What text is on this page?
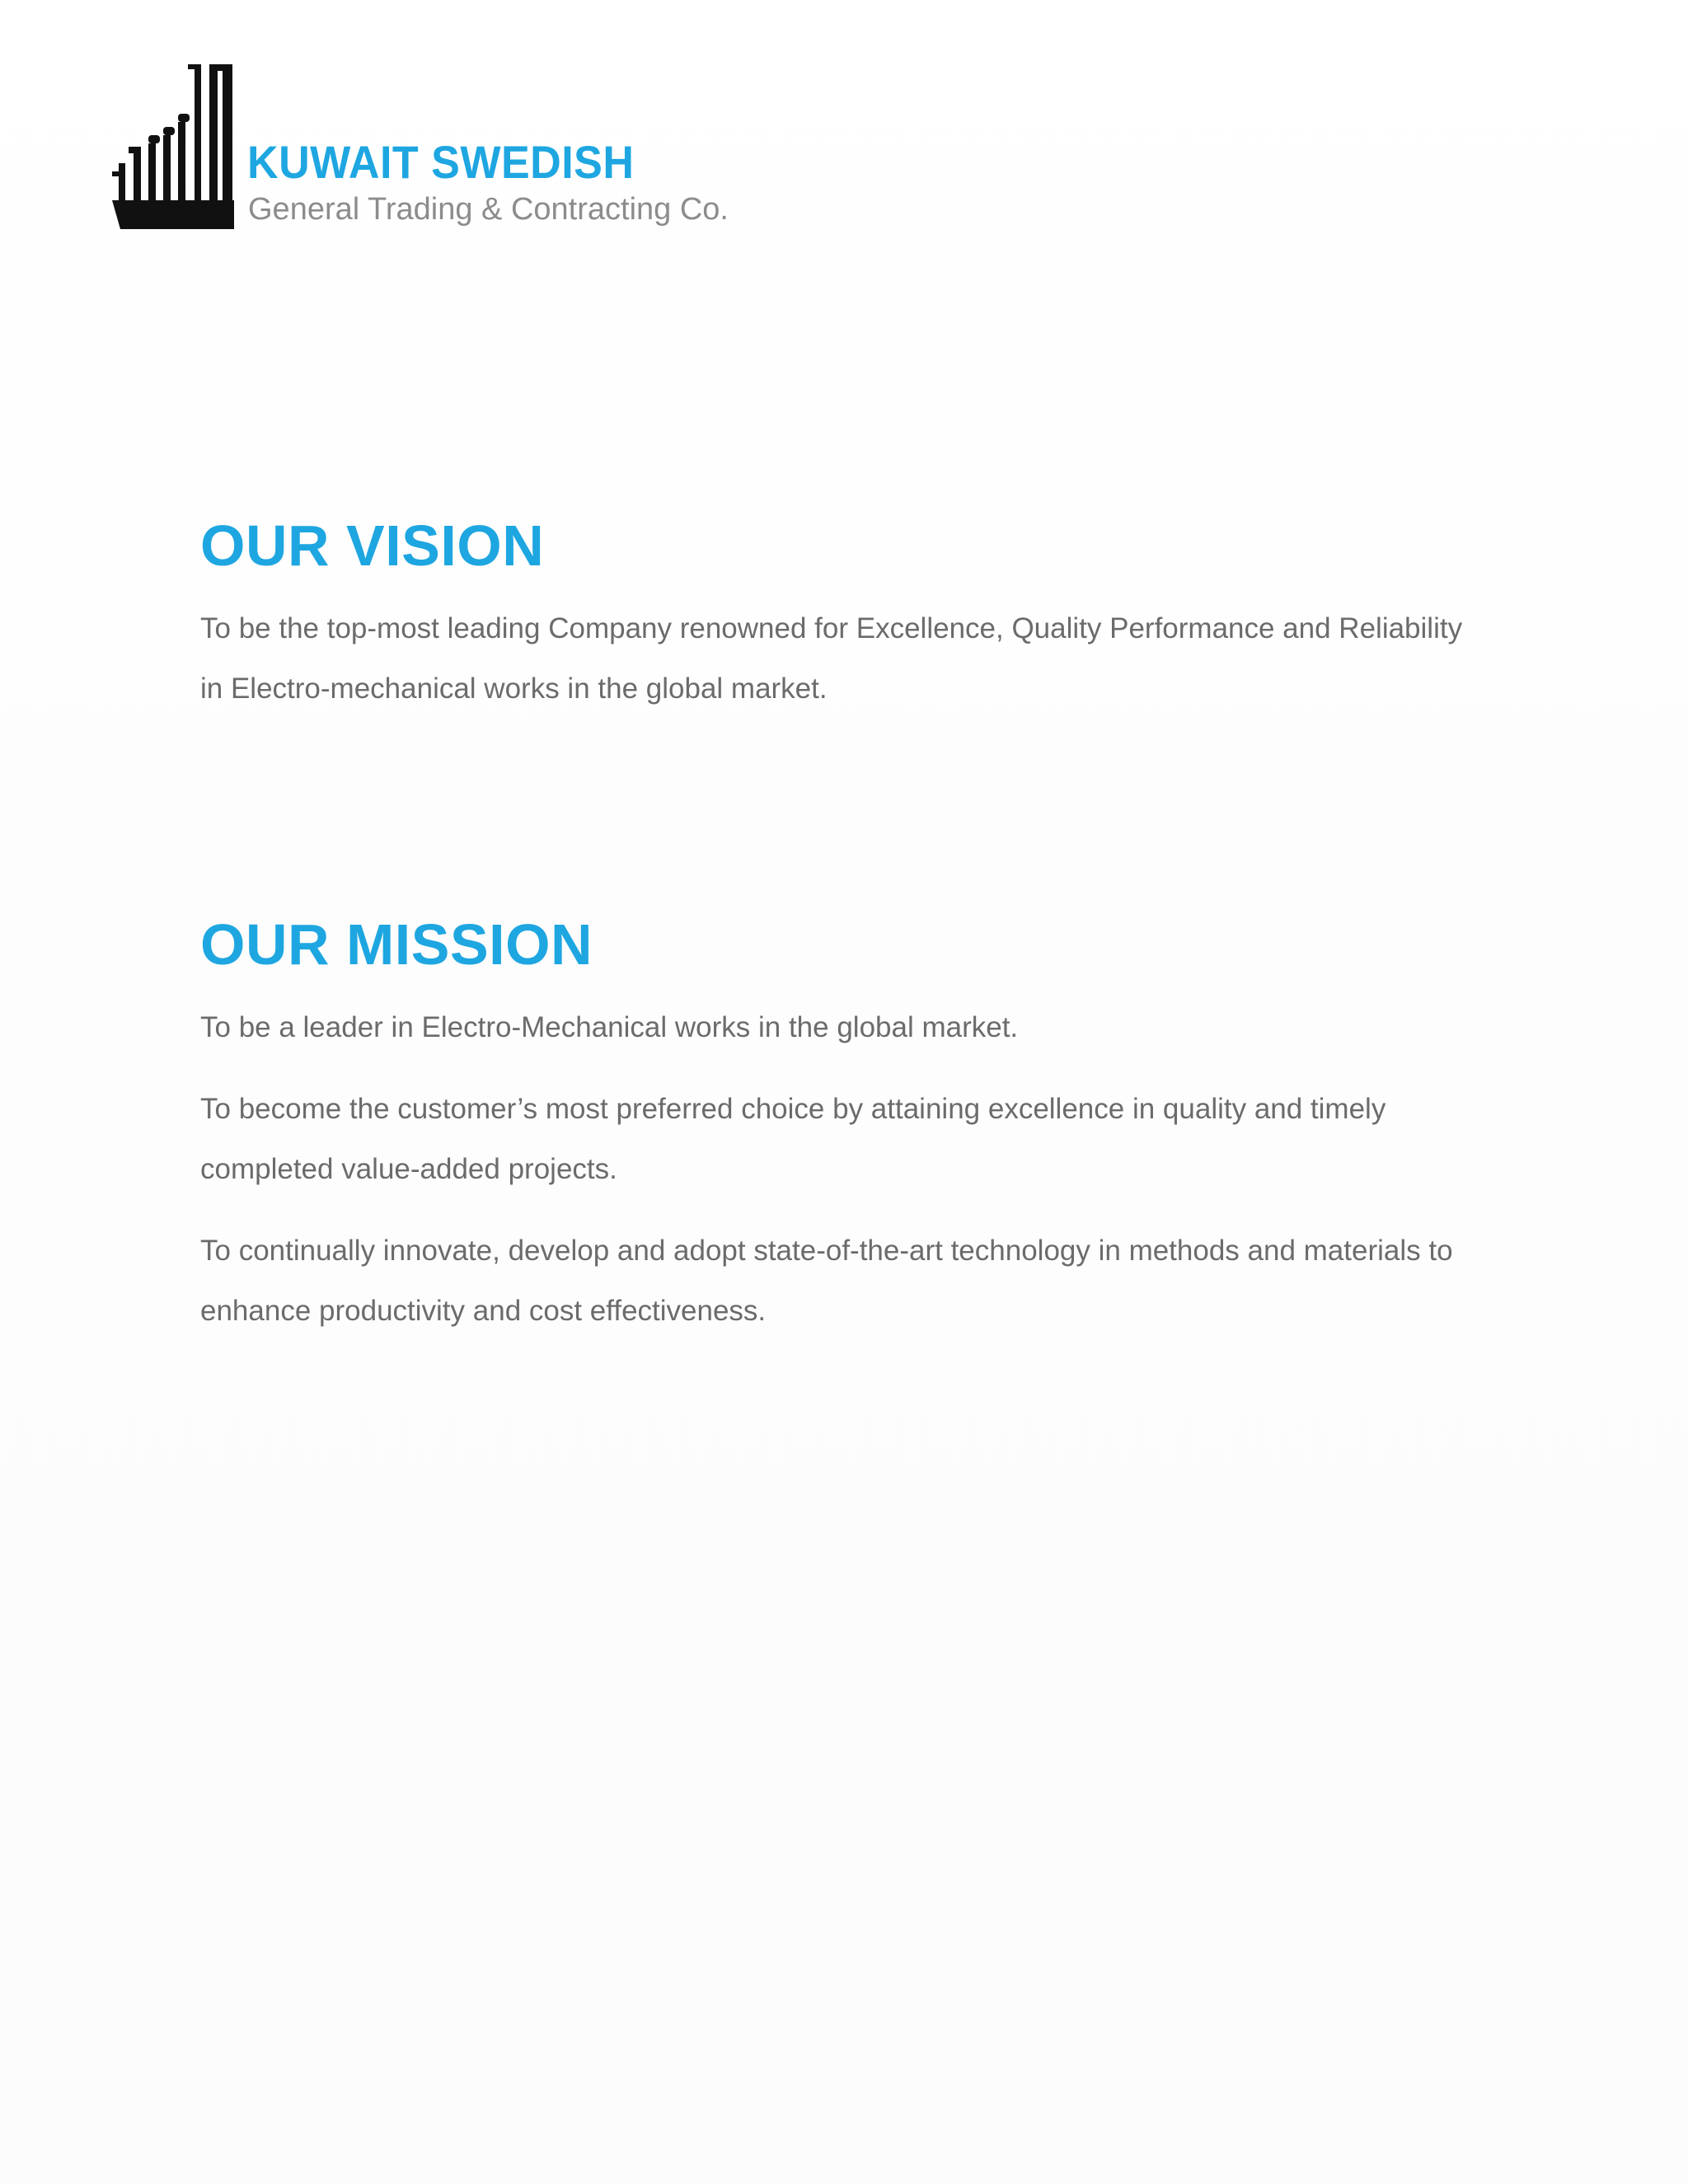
KUWAIT SWEDISH
General Trading & Contracting Co.
OUR VISION

To be the top-most leading Company renowned for Excellence, Quality Performance and Reliability in Electro-mechanical works in the global market.

OUR MISSION

To be a leader in Electro-Mechanical works in the global market.

To become the customer’s most preferred choice by attaining excellence in quality and timely completed value-added projects.

To continually innovate, develop and adopt state-of-the-art technology in methods and materials to enhance productivity and cost effectiveness.
